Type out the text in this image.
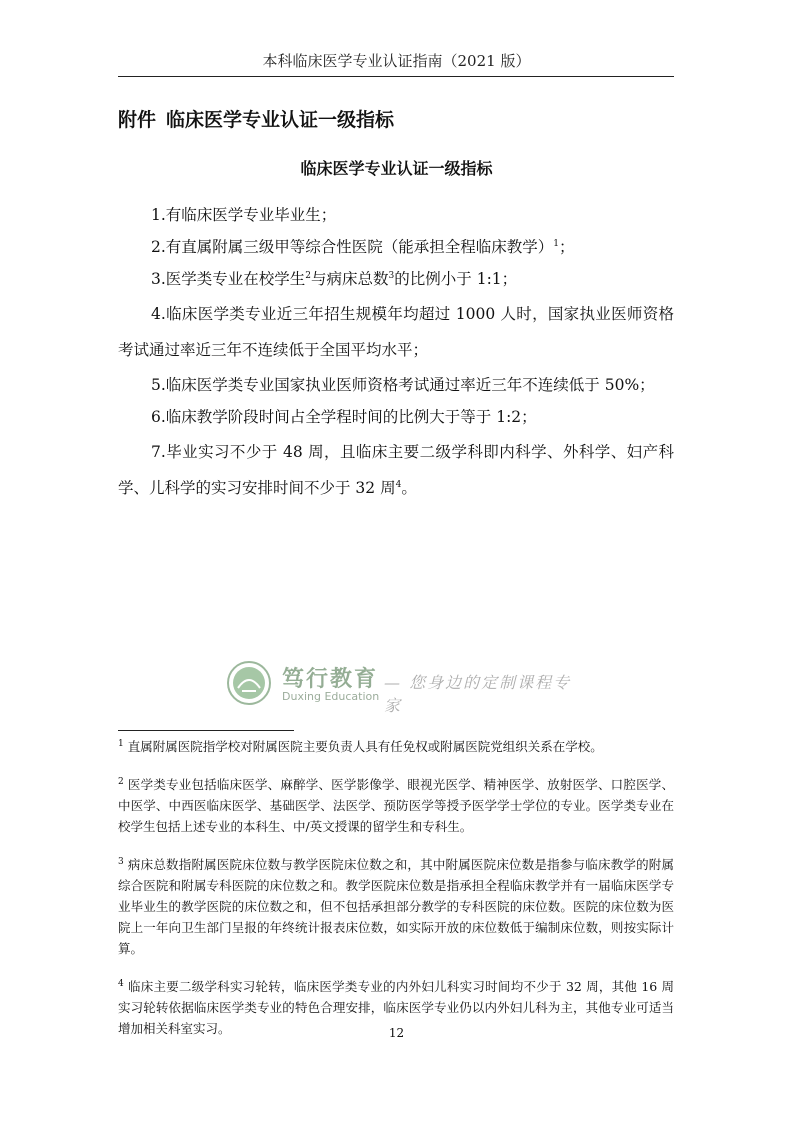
本科临床医学专业认证指南（2021 版）
附件 临床医学专业认证一级指标
临床医学专业认证一级指标

1.有临床医学专业毕业生；

2.有直属附属三级甲等综合性医院（能承担全程临床教学）$^1$；

3.医学类专业在校学生$^2$与病床总数$^3$的比例小于 1:1；

4.临床医学类专业近三年招生规模年均超过 1000 人时，国家执业医师资格考试通过率近三年不连续低于全国平均水平；

5.临床医学类专业国家执业医师资格考试通过率近三年不连续低于 50%；

6.临床教学阶段时间占全学程时间的比例大于等于 1:2；

7.毕业实习不少于 48 周，且临床主要二级学科即内科学、外科学、妇产科学、儿科学的实习安排时间不少于 32 周$^4$。

笃行教育
Duxing Education
— 您身边的定制课程专家

$^1$ 直属附属医院指学校对附属医院主要负责人具有任免权或附属医院党组织关系在学校。

$^2$ 医学类专业包括临床医学、麻醉学、医学影像学、眼视光医学、精神医学、放射医学、口腔医学、中医学、中西医临床医学、基础医学、法医学、预防医学等授予医学学士学位的专业。医学类专业在校学生包括上述专业的本科生、中/英文授课的留学生和专科生。

$^3$ 病床总数指附属医院床位数与教学医院床位数之和，其中附属医院床位数是指参与临床教学的附属综合医院和附属专科医院的床位数之和。教学医院床位数是指承担全程临床教学并有一届临床医学专业毕业生的教学医院的床位数之和，但不包括承担部分教学的专科医院的床位数。医院的床位数为医院上一年向卫生部门呈报的年终统计报表床位数，如实际开放的床位数低于编制床位数，则按实际计算。

$^4$ 临床主要二级学科实习轮转，临床医学类专业的内外妇儿科实习时间均不少于 32 周，其他 16 周实习轮转依据临床医学类专业的特色合理安排，临床医学专业仍以内外妇儿科为主，其他专业可适当增加相关科室实习。	12
